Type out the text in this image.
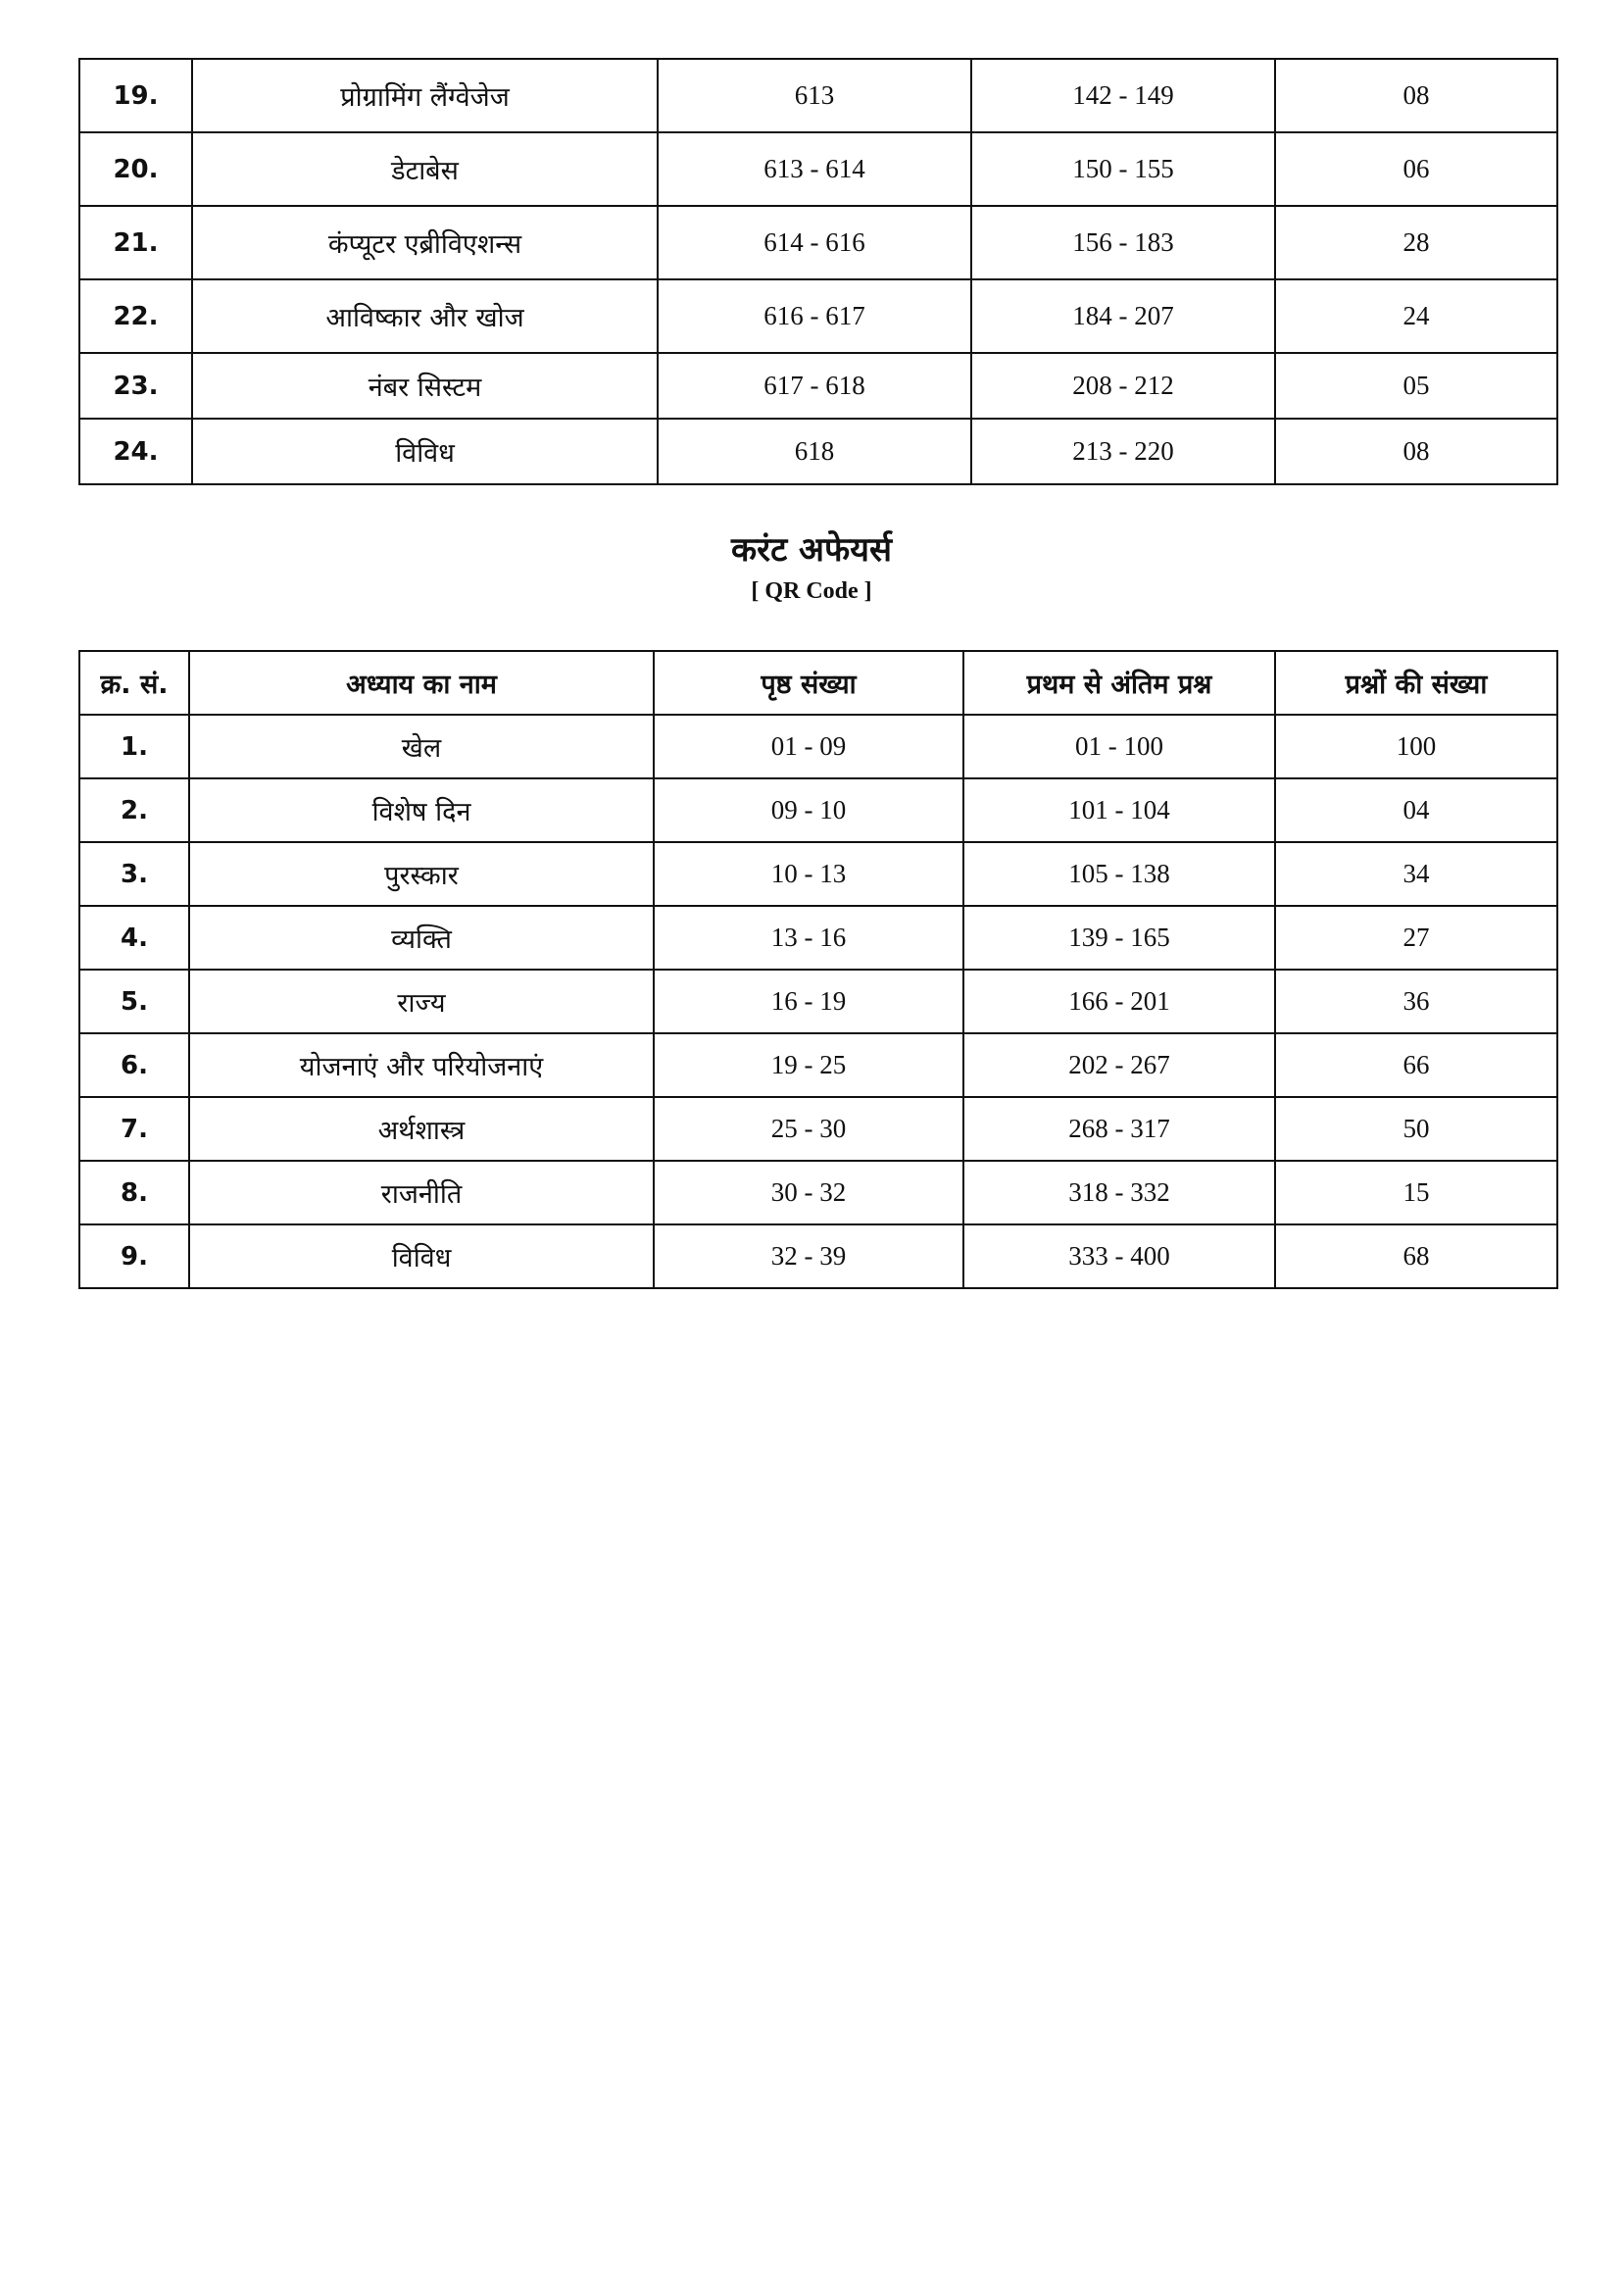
19.	प्रोग्रामिंग लैंग्वेजेज	613	142 - 149	08
20.	डेटाबेस	613 - 614	150 - 155	06
21.	कंप्यूटर एब्रीविएशन्स	614 - 616	156 - 183	28
22.	आविष्कार और खोज	616 - 617	184 - 207	24
23.	नंबर सिस्टम	617 - 618	208 - 212	05
24.	विविध	618	213 - 220	08
करंट अफेयर्स
[ QR Code ]
क्र. सं.	अध्याय का नाम	पृष्ठ संख्या	प्रथम से अंतिम प्रश्न	प्रश्नों की संख्या
1.	खेल	01 - 09	01 - 100	100
2.	विशेष दिन	09 - 10	101 - 104	04
3.	पुरस्कार	10 - 13	105 - 138	34
4.	व्यक्ति	13 - 16	139 - 165	27
5.	राज्य	16 - 19	166 - 201	36
6.	योजनाएं और परियोजनाएं	19 - 25	202 - 267	66
7.	अर्थशास्त्र	25 - 30	268 - 317	50
8.	राजनीति	30 - 32	318 - 332	15
9.	विविध	32 - 39	333 - 400	68
